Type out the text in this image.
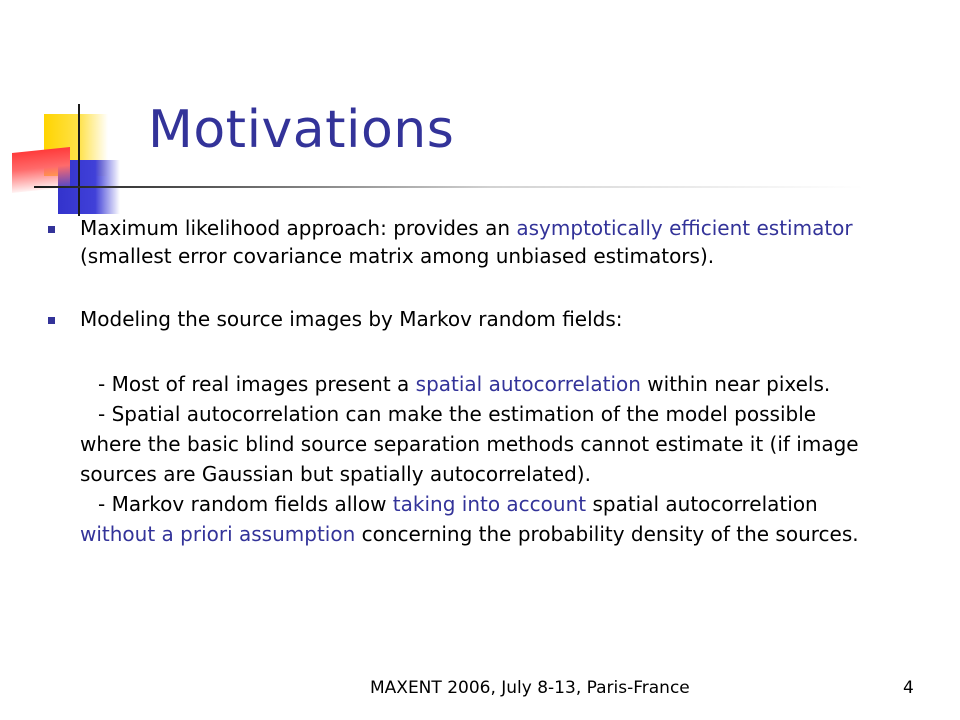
Motivations

Maximum likelihood approach: provides an asymptotically efficient estimator
(smallest error covariance matrix among unbiased estimators).

Modeling the source images by Markov random fields:

- Most of real images present a spatial autocorrelation within near pixels.

- Spatial autocorrelation can make the estimation of the model possible
where the basic blind source separation methods cannot estimate it (if image
sources are Gaussian but spatially autocorrelated).

- Markov random fields allow taking into account spatial autocorrelation
without a priori assumption concerning the probability density of the sources.

MAXENT 2006, July 8-13, Paris-France	4
